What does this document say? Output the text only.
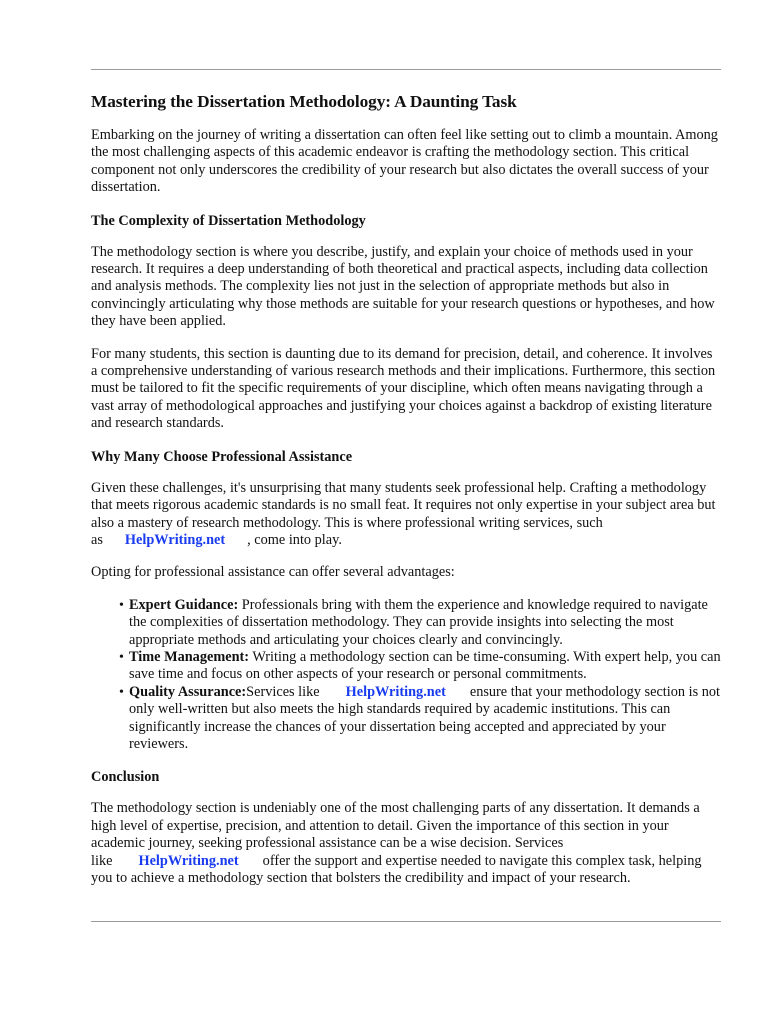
Mastering the Dissertation Methodology: A Daunting Task

Embarking on the journey of writing a dissertation can often feel like setting out to climb a mountain. Among the most challenging aspects of this academic endeavor is crafting the methodology section. This critical component not only underscores the credibility of your research but also dictates the overall success of your dissertation.

The Complexity of Dissertation Methodology

The methodology section is where you describe, justify, and explain your choice of methods used in your research. It requires a deep understanding of both theoretical and practical aspects, including data collection and analysis methods. The complexity lies not just in the selection of appropriate methods but also in convincingly articulating why those methods are suitable for your research questions or hypotheses, and how they have been applied.

For many students, this section is daunting due to its demand for precision, detail, and coherence. It involves a comprehensive understanding of various research methods and their implications. Furthermore, this section must be tailored to fit the specific requirements of your discipline, which often means navigating through a vast array of methodological approaches and justifying your choices against a backdrop of existing literature and research standards.

Why Many Choose Professional Assistance

Given these challenges, it's unsurprising that many students seek professional help. Crafting a methodology that meets rigorous academic standards is no small feat. It requires not only expertise in your subject area but also a mastery of research methodology. This is where professional writing services, such as HelpWriting.net , come into play.

Opting for professional assistance can offer several advantages:

• Expert Guidance: Professionals bring with them the experience and knowledge required to navigate the complexities of dissertation methodology. They can provide insights into selecting the most appropriate methods and articulating your choices clearly and convincingly.
• Time Management: Writing a methodology section can be time-consuming. With expert help, you can save time and focus on other aspects of your research or personal commitments.
• Quality Assurance:Services like HelpWriting.net ensure that your methodology section is not only well-written but also meets the high standards required by academic institutions. This can significantly increase the chances of your dissertation being accepted and appreciated by your reviewers.
Conclusion

The methodology section is undeniably one of the most challenging parts of any dissertation. It demands a high level of expertise, precision, and attention to detail. Given the importance of this section in your academic journey, seeking professional assistance can be a wise decision. Services like HelpWriting.net offer the support and expertise needed to navigate this complex task, helping you to achieve a methodology section that bolsters the credibility and impact of your research.
